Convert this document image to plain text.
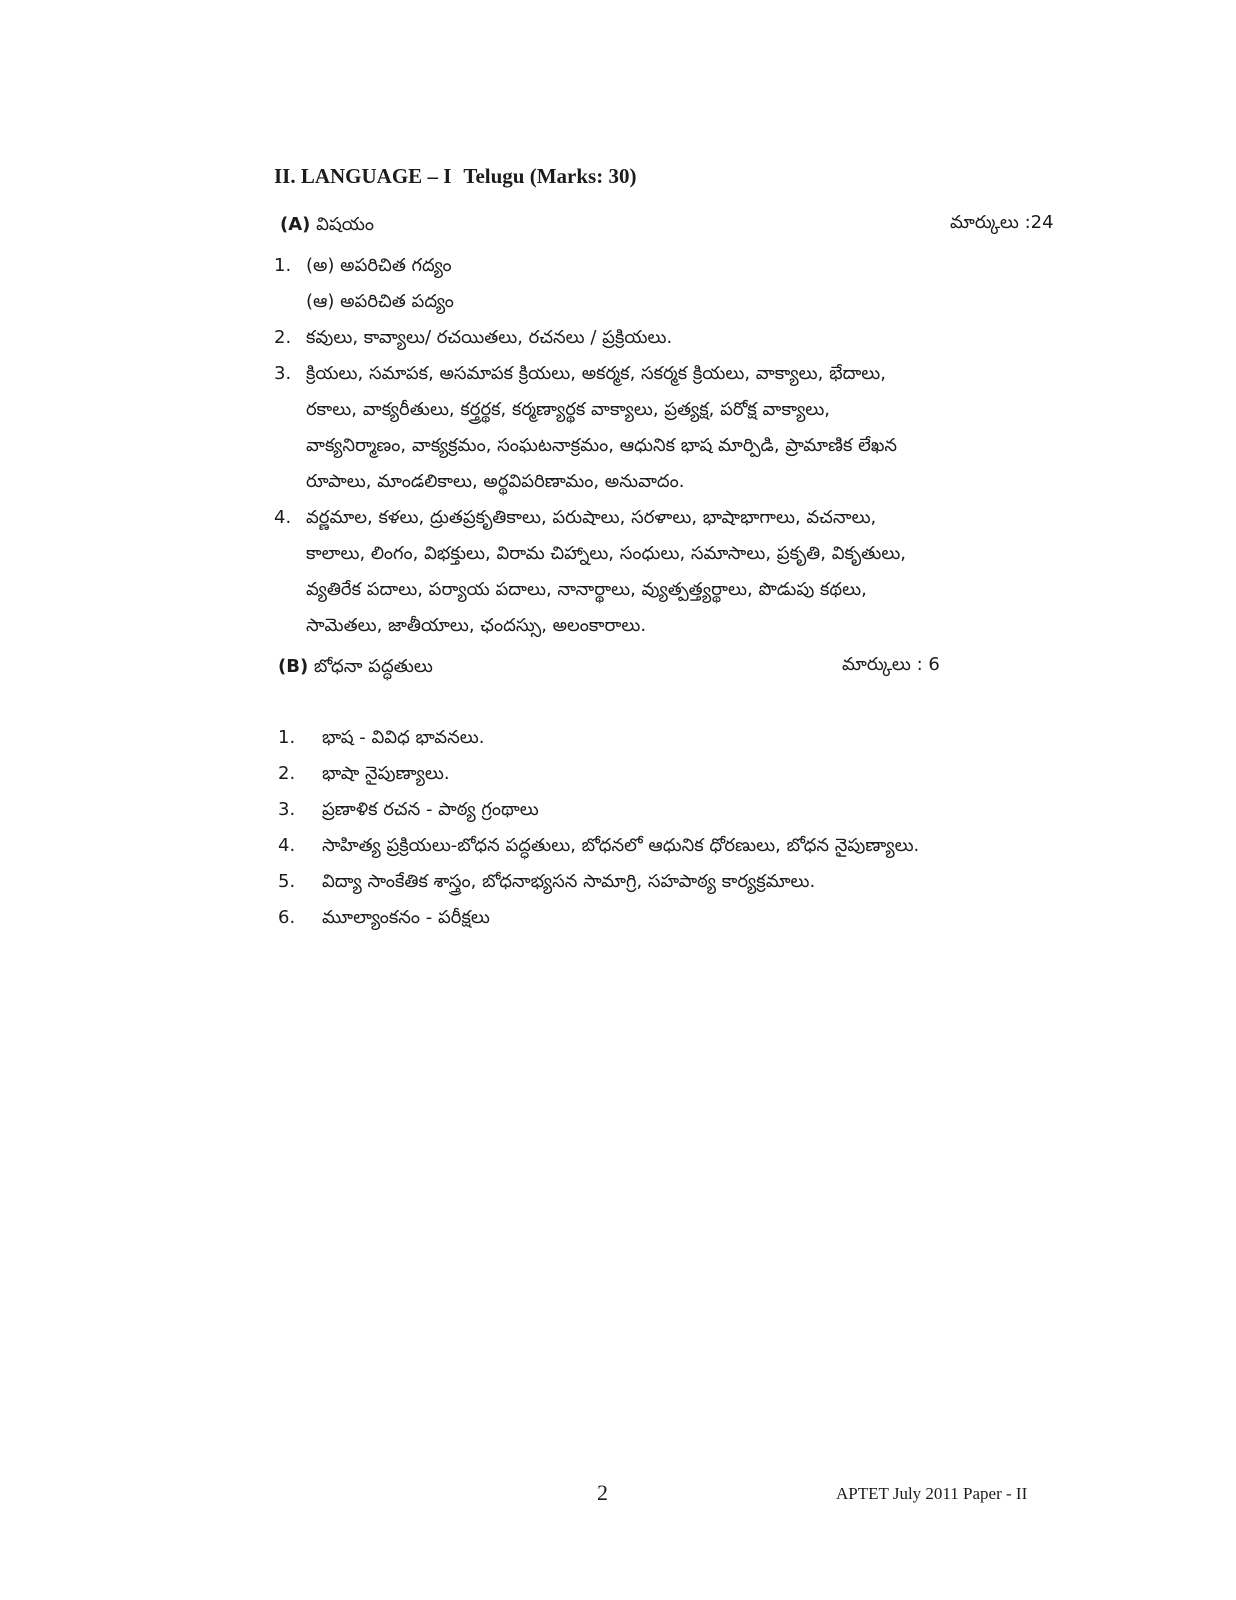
II. LANGUAGE – I Telugu (Marks: 30)
(A) విషయం	మార్కులు :24
1. (అ) అపరిచిత గద్యం
(ఆ) అపరిచిత పద్యం
2. కవులు, కావ్యాలు/ రచయితలు, రచనలు / ప్రక్రియలు.
3. క్రియలు, సమాపక, అసమాపక క్రియలు, అకర్మక, సకర్మక క్రియలు, వాక్యాలు, భేదాలు,
రకాలు, వాక్యరీతులు, కర్త్రర్థక, కర్మణ్యార్థక వాక్యాలు, ప్రత్యక్ష, పరోక్ష వాక్యాలు,
వాక్యనిర్మాణం, వాక్యక్రమం, సంఘటనాక్రమం, ఆధునిక భాష మార్పిడి, ప్రామాణిక లేఖన
రూపాలు, మాండలికాలు, అర్థవిపరిణామం, అనువాదం.
4. వర్ణమాల, కళలు, ద్రుతప్రకృతికాలు, పరుషాలు, సరళాలు, భాషాభాగాలు, వచనాలు,
కాలాలు, లింగం, విభక్తులు, విరామ చిహ్నాలు, సంధులు, సమాసాలు, ప్రకృతి, వికృతులు,
వ్యతిరేక పదాలు, పర్యాయ పదాలు, నానార్థాలు, వ్యుత్పత్త్యర్థాలు, పొడుపు కథలు,
సామెతలు, జాతీయాలు, ఛందస్సు, అలంకారాలు.
(B) బోధనా పద్ధతులు	మార్కులు : 6
1. భాష - వివిధ భావనలు.
2. భాషా నైపుణ్యాలు.
3. ప్రణాళిక రచన - పాఠ్య గ్రంథాలు
4. సాహిత్య ప్రక్రియలు-బోధన పద్ధతులు, బోధనలో ఆధునిక ధోరణులు, బోధన నైపుణ్యాలు.
5. విద్యా సాంకేతిక శాస్త్రం, బోధనాభ్యసన సామాగ్రి, సహపాఠ్య కార్యక్రమాలు.
6. మూల్యాంకనం - పరీక్షలు
2	APTET July 2011 Paper - II
